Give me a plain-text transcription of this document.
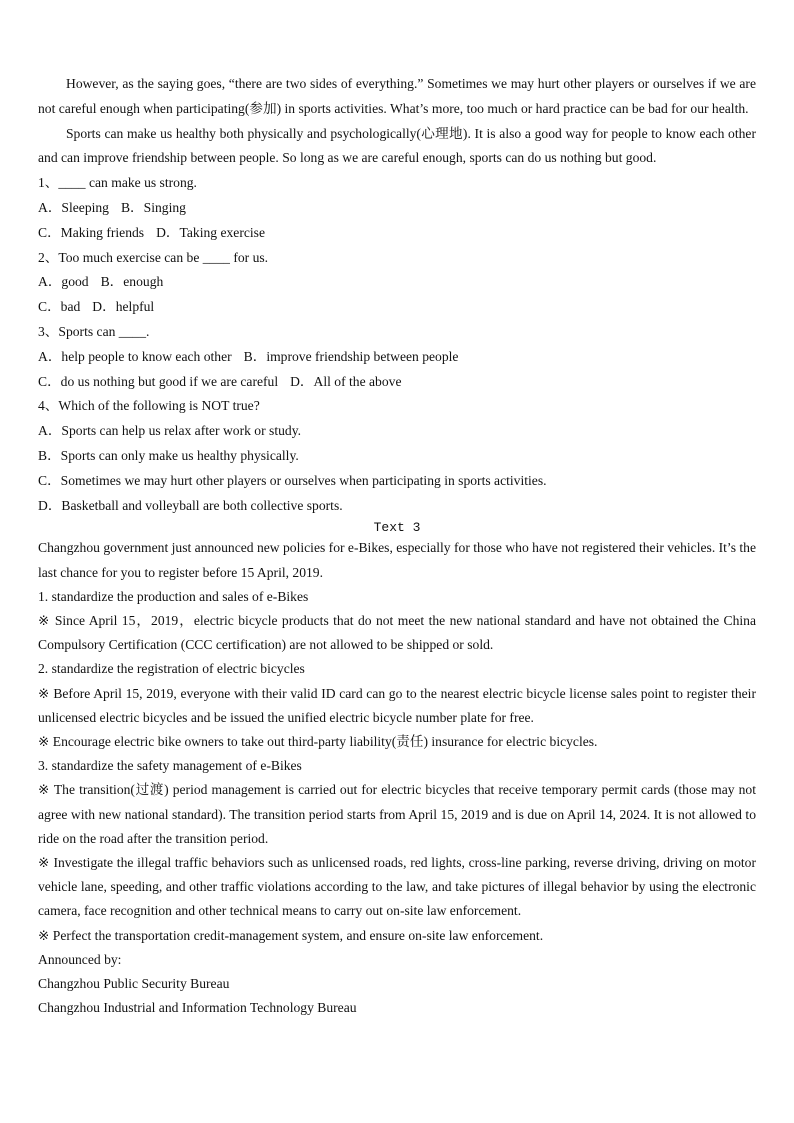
However, as the saying goes, “there are two sides of everything.” Sometimes we may hurt other players or ourselves if we are not careful enough when participating(参加) in sports activities. What’s more, too much or hard practice can be bad for our health.

Sports can make us healthy both physically and psychologically(心理地). It is also a good way for people to know each other and can improve friendship between people. So long as we are careful enough, sports can do us nothing but good.

1、____ can make us strong.

A．Sleeping B．Singing

C．Making friends D．Taking exercise

2、Too much exercise can be ____ for us.

A．good B．enough

C．bad D．helpful

3、Sports can ____.

A．help people to know each other B．improve friendship between people

C．do us nothing but good if we are careful D．All of the above

4、Which of the following is NOT true?

A．Sports can help us relax after work or study.

B．Sports can only make us healthy physically.

C．Sometimes we may hurt other players or ourselves when participating in sports activities.

D．Basketball and volleyball are both collective sports.

Text 3

Changzhou government just announced new policies for e-Bikes, especially for those who have not registered their vehicles. It’s the last chance for you to register before 15 April, 2019.

1. standardize the production and sales of e-Bikes

※ Since April 15，2019，electric bicycle products that do not meet the new national standard and have not obtained the China Compulsory Certification (CCC certification) are not allowed to be shipped or sold.

2. standardize the registration of electric bicycles

※ Before April 15, 2019, everyone with their valid ID card can go to the nearest electric bicycle license sales point to register their unlicensed electric bicycles and be issued the unified electric bicycle number plate for free.

※ Encourage electric bike owners to take out third-party liability(责任) insurance for electric bicycles.

3. standardize the safety management of e-Bikes

※ The transition(过渡) period management is carried out for electric bicycles that receive temporary permit cards (those may not agree with new national standard). The transition period starts from April 15, 2019 and is due on April 14, 2024. It is not allowed to ride on the road after the transition period.

※ Investigate the illegal traffic behaviors such as unlicensed roads, red lights, cross-line parking, reverse driving, driving on motor vehicle lane, speeding, and other traffic violations according to the law, and take pictures of illegal behavior by using the electronic camera, face recognition and other technical means to carry out on-site law enforcement.

※ Perfect the transportation credit-management system, and ensure on-site law enforcement.

Announced by:

Changzhou Public Security Bureau

Changzhou Industrial and Information Technology Bureau
